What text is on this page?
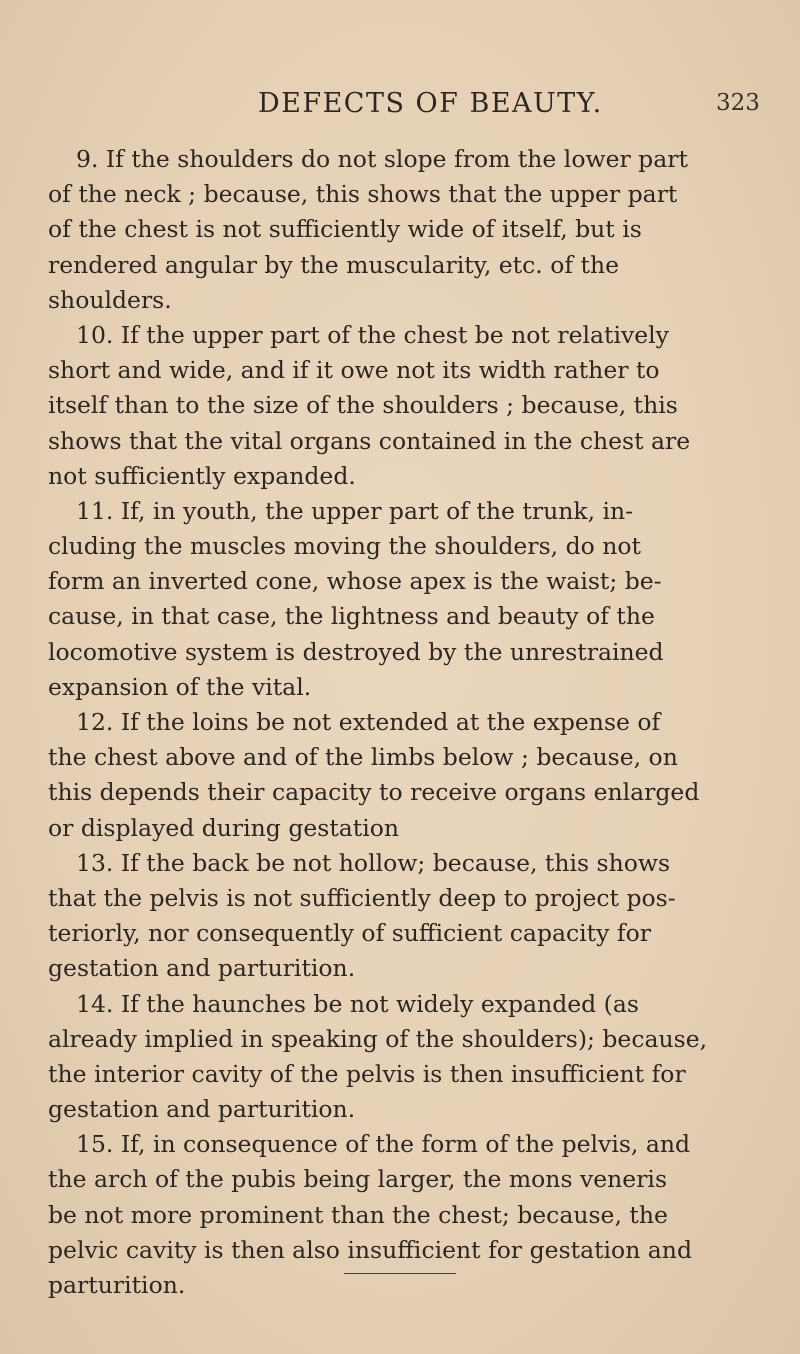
DEFECTS OF BEAUTY.	323
9. If the shoulders do not slope from the lower part
of the neck ; because, this shows that the upper part
of the chest is not sufficiently wide of itself, but is
rendered angular by the muscularity, etc. of the
shoulders.
10. If the upper part of the chest be not relatively
short and wide, and if it owe not its width rather to
itself than to the size of the shoulders ; because, this
shows that the vital organs contained in the chest are
not sufficiently expanded.
11. If, in youth, the upper part of the trunk, in-
cluding the muscles moving the shoulders, do not
form an inverted cone, whose apex is the waist; be-
cause, in that case, the lightness and beauty of the
locomotive system is destroyed by the unrestrained
expansion of the vital.
12. If the loins be not extended at the expense of
the chest above and of the limbs below ; because, on
this depends their capacity to receive organs enlarged
or displayed during gestation
13. If the back be not hollow; because, this shows
that the pelvis is not sufficiently deep to project pos-
teriorly, nor consequently of sufficient capacity for
gestation and parturition.
14. If the haunches be not widely expanded (as
already implied in speaking of the shoulders); because,
the interior cavity of the pelvis is then insufficient for
gestation and parturition.
15. If, in consequence of the form of the pelvis, and
the arch of the pubis being larger, the mons veneris
be not more prominent than the chest; because, the
pelvic cavity is then also insufficient for gestation and
parturition.
